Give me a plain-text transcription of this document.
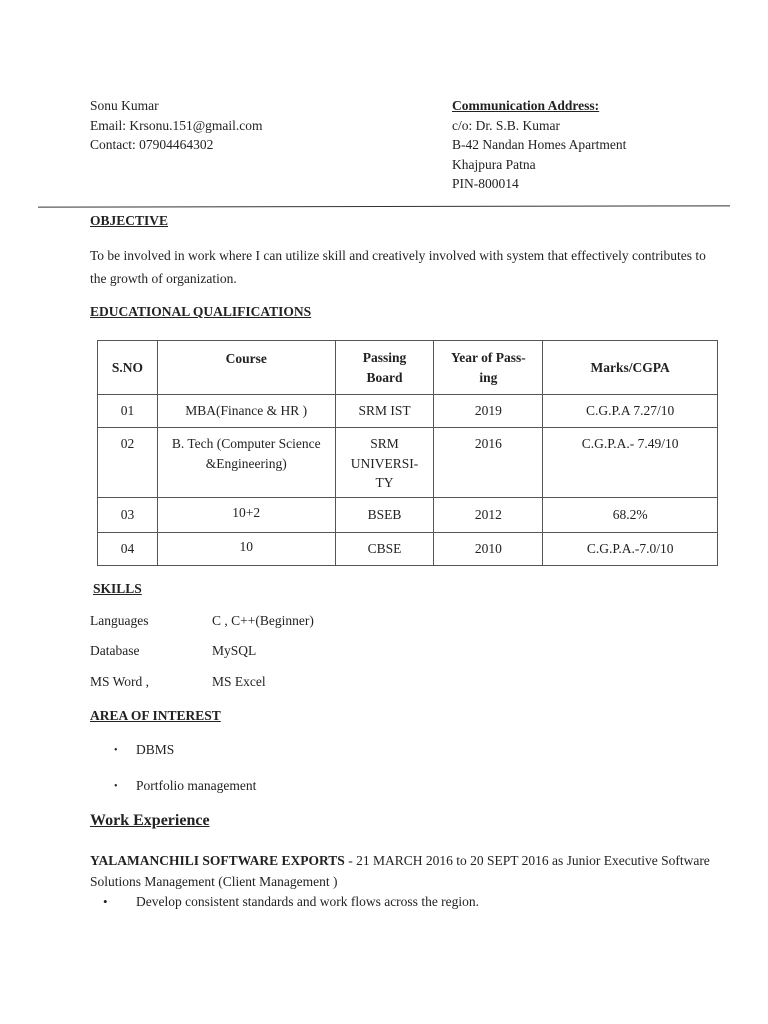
Sonu Kumar
Email: Krsonu.151@gmail.com
Contact: 07904464302
Communication Address:
c/o: Dr. S.B. Kumar
B-42 Nandan Homes Apartment
Khajpura Patna
PIN-800014
OBJECTIVE
To be involved in work where I can utilize skill and creatively involved with system that effectively contributes to the growth of organization.
EDUCATIONAL QUALIFICATIONS
S.NO	Course	Passing Board	Year of Pass-ing	Marks/CGPA
01	MBA(Finance & HR )	SRM IST	2019	C.G.P.A 7.27/10
02	B. Tech (Computer Science &Engineering)	SRM UNIVERSI-TY	2016	C.G.P.A.- 7.49/10
03	10+2	BSEB	2012	68.2%
04	10	CBSE	2010	C.G.P.A.-7.0/10
SKILLS
Languages	C , C++(Beginner)
Database	MySQL
MS Word ,	MS Excel
AREA OF INTEREST
• DBMS
• Portfolio management
Work Experience
YALAMANCHILI SOFTWARE EXPORTS - 21 MARCH 2016 to 20 SEPT 2016 as Junior Executive Software Solutions Management (Client Management )
• Develop consistent standards and work flows across the region.
